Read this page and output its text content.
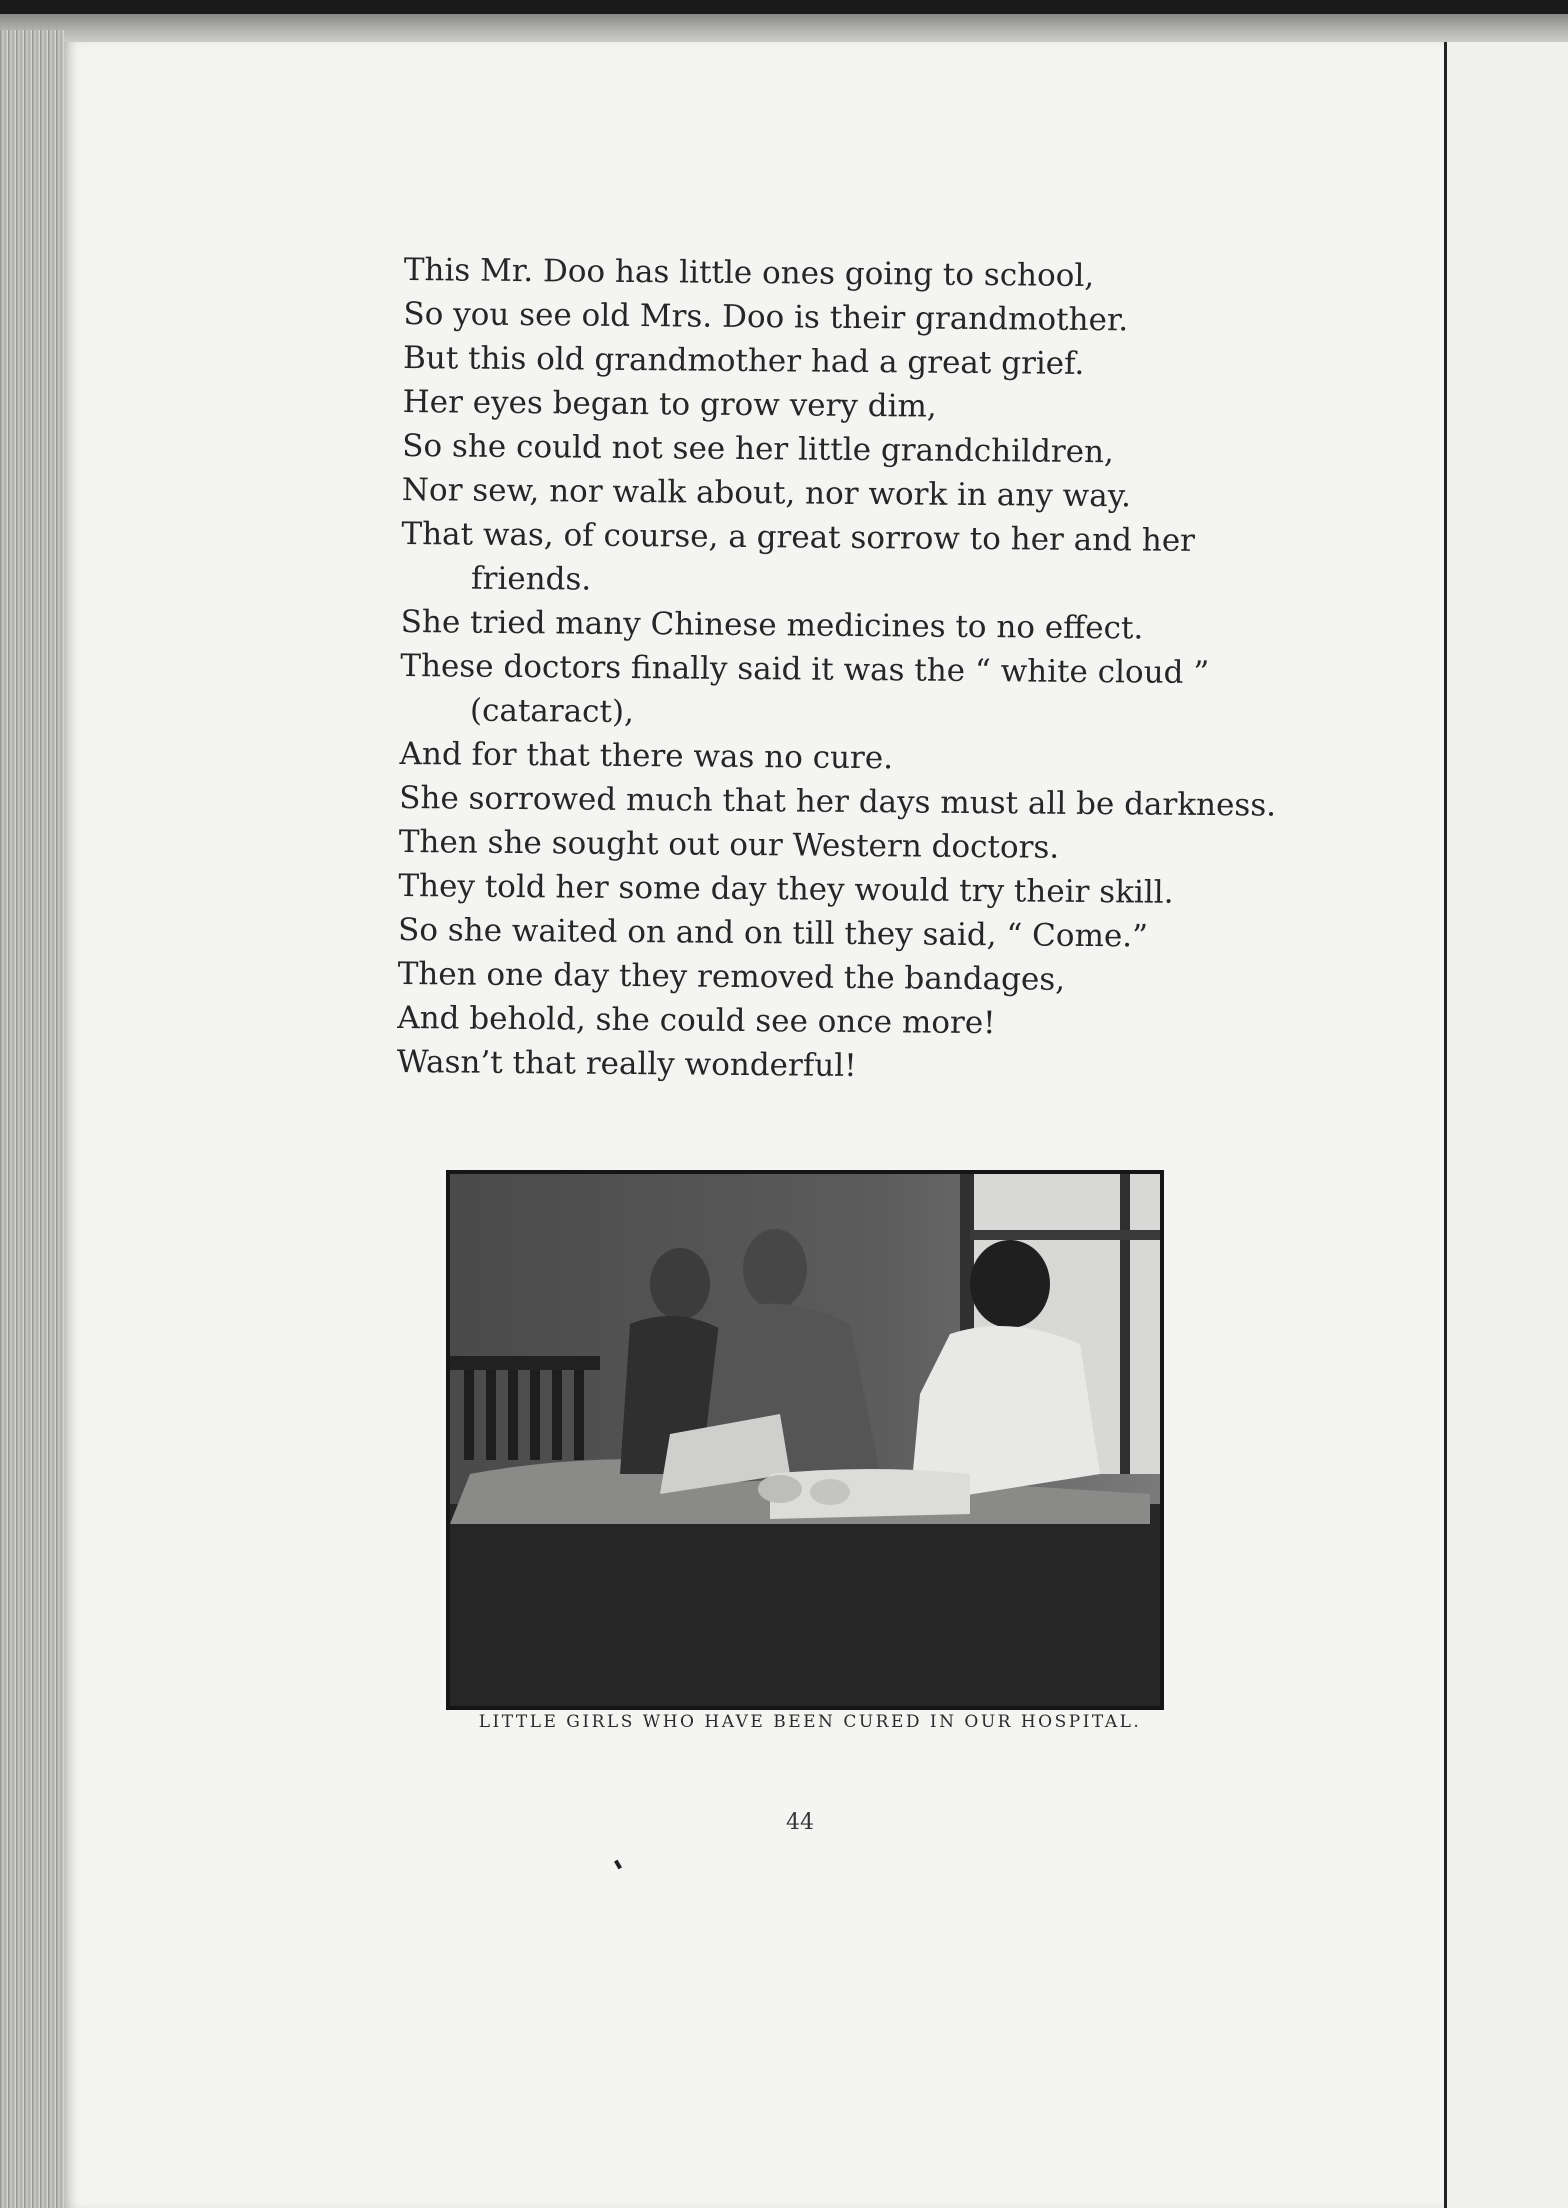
This Mr. Doo has little ones going to school,
So you see old Mrs. Doo is their grandmother.
But this old grandmother had a great grief.
Her eyes began to grow very dim,
So she could not see her little grandchildren,
Nor sew, nor walk about, nor work in any way.
That was, of course, a great sorrow to her and her friends.
She tried many Chinese medicines to no effect.
These doctors finally said it was the “ white cloud ” (cataract),
And for that there was no cure.
She sorrowed much that her days must all be darkness.
Then she sought out our Western doctors.
They told her some day they would try their skill.
So she waited on and on till they said, “ Come.”
Then one day they removed the bandages,
And behold, she could see once more!
Wasn’t that really wonderful!
LITTLE GIRLS WHO HAVE BEEN CURED IN OUR HOSPITAL.
44
